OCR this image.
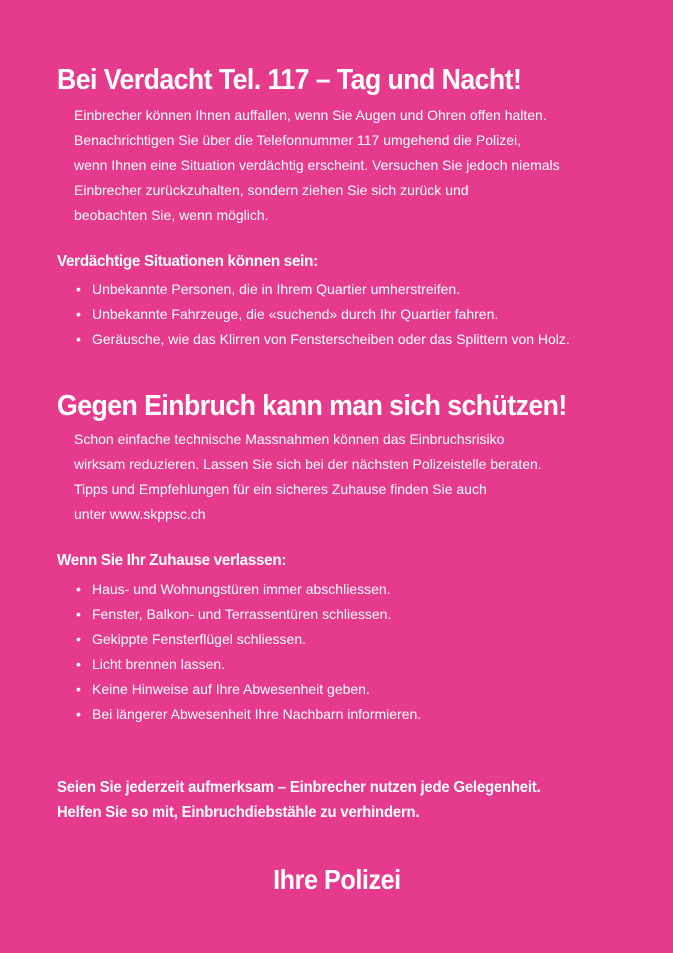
Bei Verdacht Tel. 117 – Tag und Nacht!
Einbrecher können Ihnen auffallen, wenn Sie Augen und Ohren offen halten.
Benachrichtigen Sie über die Telefonnummer 117 umgehend die Polizei,
wenn Ihnen eine Situation verdächtig erscheint. Versuchen Sie jedoch niemals
Einbrecher zurückzuhalten, sondern ziehen Sie sich zurück und
beobachten Sie, wenn möglich.
Verdächtige Situationen können sein:
• Unbekannte Personen, die in Ihrem Quartier umherstreifen.
• Unbekannte Fahrzeuge, die «suchend» durch Ihr Quartier fahren.
• Geräusche, wie das Klirren von Fensterscheiben oder das Splittern von Holz.
Gegen Einbruch kann man sich schützen!
Schon einfache technische Massnahmen können das Einbruchsrisiko
wirksam reduzieren. Lassen Sie sich bei der nächsten Polizeistelle beraten.
Tipps und Empfehlungen für ein sicheres Zuhause finden Sie auch
unter www.skppsc.ch
Wenn Sie Ihr Zuhause verlassen:
• Haus- und Wohnungstüren immer abschliessen.
• Fenster, Balkon- und Terrassentüren schliessen.
• Gekippte Fensterflügel schliessen.
• Licht brennen lassen.
• Keine Hinweise auf Ihre Abwesenheit geben.
• Bei längerer Abwesenheit Ihre Nachbarn informieren.
Seien Sie jederzeit aufmerksam – Einbrecher nutzen jede Gelegenheit.
Helfen Sie so mit, Einbruchdiebstähle zu verhindern.
Ihre Polizei
